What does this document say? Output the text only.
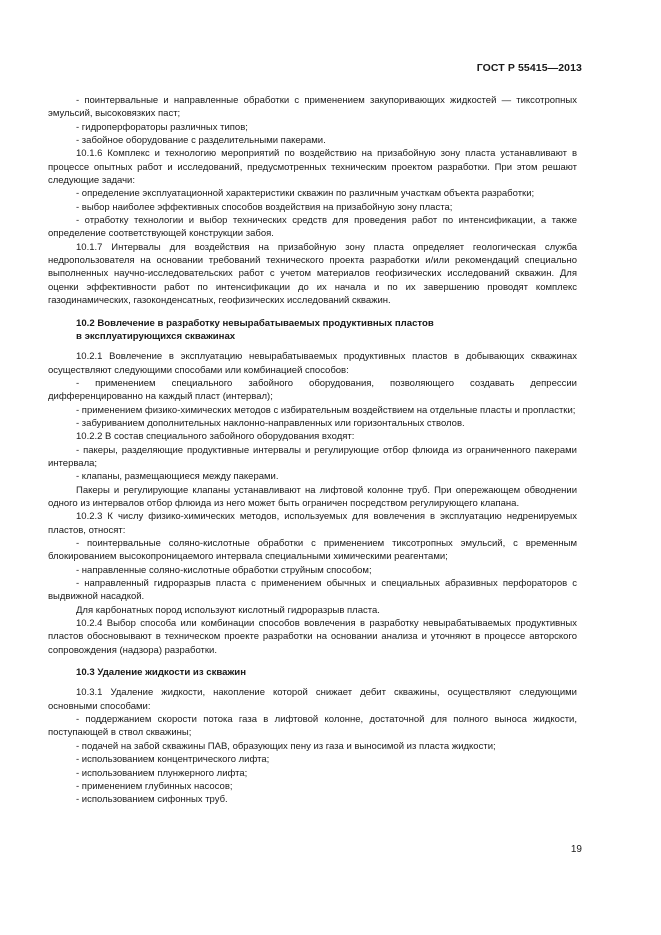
ГОСТ Р 55415—2013
- поинтервальные и направленные обработки с применением закупоривающих жидкостей — тиксотропных эмульсий, высоковязких паст;
- гидроперфораторы различных типов;
- забойное оборудование с разделительными пакерами.
10.1.6 Комплекс и технологию мероприятий по воздействию на призабойную зону пласта устанавливают в процессе опытных работ и исследований, предусмотренных техническим проектом разработки. При этом решают следующие задачи:
- определение эксплуатационной характеристики скважин по различным участкам объекта разработки;
- выбор наиболее эффективных способов воздействия на призабойную зону пласта;
- отработку технологии и выбор технических средств для проведения работ по интенсификации, а также определение соответствующей конструкции забоя.
10.1.7 Интервалы для воздействия на призабойную зону пласта определяет геологическая служба недропользователя на основании требований технического проекта разработки и/или рекомендаций специально выполненных научно-исследовательских работ с учетом материалов геофизических исследований скважин. Для оценки эффективности работ по интенсификации до их начала и по их завершению проводят комплекс газодинамических, газоконденсатных, геофизических исследований скважин.
10.2 Вовлечение в разработку невырабатываемых продуктивных пластов
в эксплуатирующихся скважинах
10.2.1 Вовлечение в эксплуатацию невырабатываемых продуктивных пластов в добывающих скважинах осуществляют следующими способами или комбинацией способов:
- применением специального забойного оборудования, позволяющего создавать депрессии дифференцированно на каждый пласт (интервал);
- применением физико-химических методов с избирательным воздействием на отдельные пласты и пропластки;
- забуриванием дополнительных наклонно-направленных или горизонтальных стволов.
10.2.2 В состав специального забойного оборудования входят:
- пакеры, разделяющие продуктивные интервалы и регулирующие отбор флюида из ограниченного пакерами интервала;
- клапаны, размещающиеся между пакерами.
Пакеры и регулирующие клапаны устанавливают на лифтовой колонне труб. При опережающем обводнении одного из интервалов отбор флюида из него может быть ограничен посредством регулирующего клапана.
10.2.3 К числу физико-химических методов, используемых для вовлечения в эксплуатацию недренируемых пластов, относят:
- поинтервальные соляно-кислотные обработки с применением тиксотропных эмульсий, с временным блокированием высокопроницаемого интервала специальными химическими реагентами;
- направленные соляно-кислотные обработки струйным способом;
- направленный гидроразрыв пласта с применением обычных и специальных абразивных перфораторов с выдвижной насадкой.
Для карбонатных пород используют кислотный гидроразрыв пласта.
10.2.4 Выбор способа или комбинации способов вовлечения в разработку невырабатываемых продуктивных пластов обосновывают в техническом проекте разработки на основании анализа и уточняют в процессе авторского сопровождения (надзора) разработки.
10.3 Удаление жидкости из скважин
10.3.1 Удаление жидкости, накопление которой снижает дебит скважины, осуществляют следующими основными способами:
- поддержанием скорости потока газа в лифтовой колонне, достаточной для полного выноса жидкости, поступающей в ствол скважины;
- подачей на забой скважины ПАВ, образующих пену из газа и выносимой из пласта жидкости;
- использованием концентрического лифта;
- использованием плунжерного лифта;
- применением глубинных насосов;
- использованием сифонных труб.
19
